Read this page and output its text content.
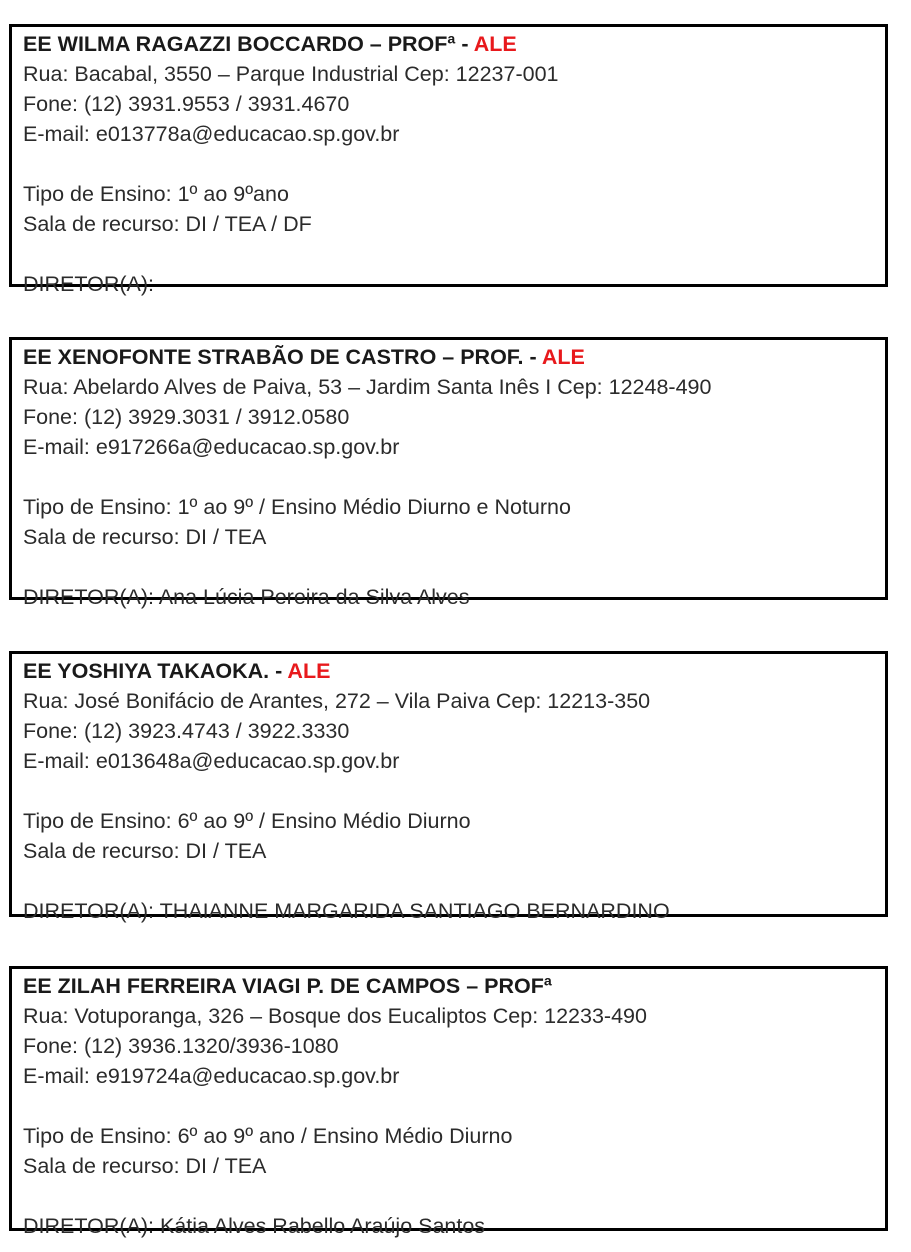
EE WILMA RAGAZZI BOCCARDO – PROFª - ALE
Rua: Bacabal, 3550 – Parque Industrial Cep: 12237-001
Fone: (12) 3931.9553 / 3931.4670
E-mail: e013778a@educacao.sp.gov.br
Tipo de Ensino: 1º ao 9ºano
Sala de recurso: DI / TEA / DF
DIRETOR(A):
EE XENOFONTE STRABÃO DE CASTRO – PROF. - ALE
Rua: Abelardo Alves de Paiva, 53 – Jardim Santa Inês I Cep: 12248-490
Fone: (12) 3929.3031 / 3912.0580
E-mail: e917266a@educacao.sp.gov.br
Tipo de Ensino: 1º ao 9º / Ensino Médio Diurno e Noturno
Sala de recurso: DI / TEA
DIRETOR(A): Ana Lúcia Pereira da Silva Alves
EE YOSHIYA TAKAOKA. - ALE
Rua: José Bonifácio de Arantes, 272 – Vila Paiva Cep: 12213-350
Fone: (12) 3923.4743 / 3922.3330
E-mail: e013648a@educacao.sp.gov.br
Tipo de Ensino: 6º ao 9º / Ensino Médio Diurno
Sala de recurso: DI / TEA
DIRETOR(A): THAIANNE MARGARIDA SANTIAGO BERNARDINO
EE ZILAH FERREIRA VIAGI P. DE CAMPOS – PROFª
Rua: Votuporanga, 326 – Bosque dos Eucaliptos Cep: 12233-490
Fone: (12) 3936.1320/3936-1080
E-mail: e919724a@educacao.sp.gov.br
Tipo de Ensino: 6º ao 9º ano / Ensino Médio Diurno
Sala de recurso: DI / TEA
DIRETOR(A): Kátia Alves Rabello Araújo Santos
